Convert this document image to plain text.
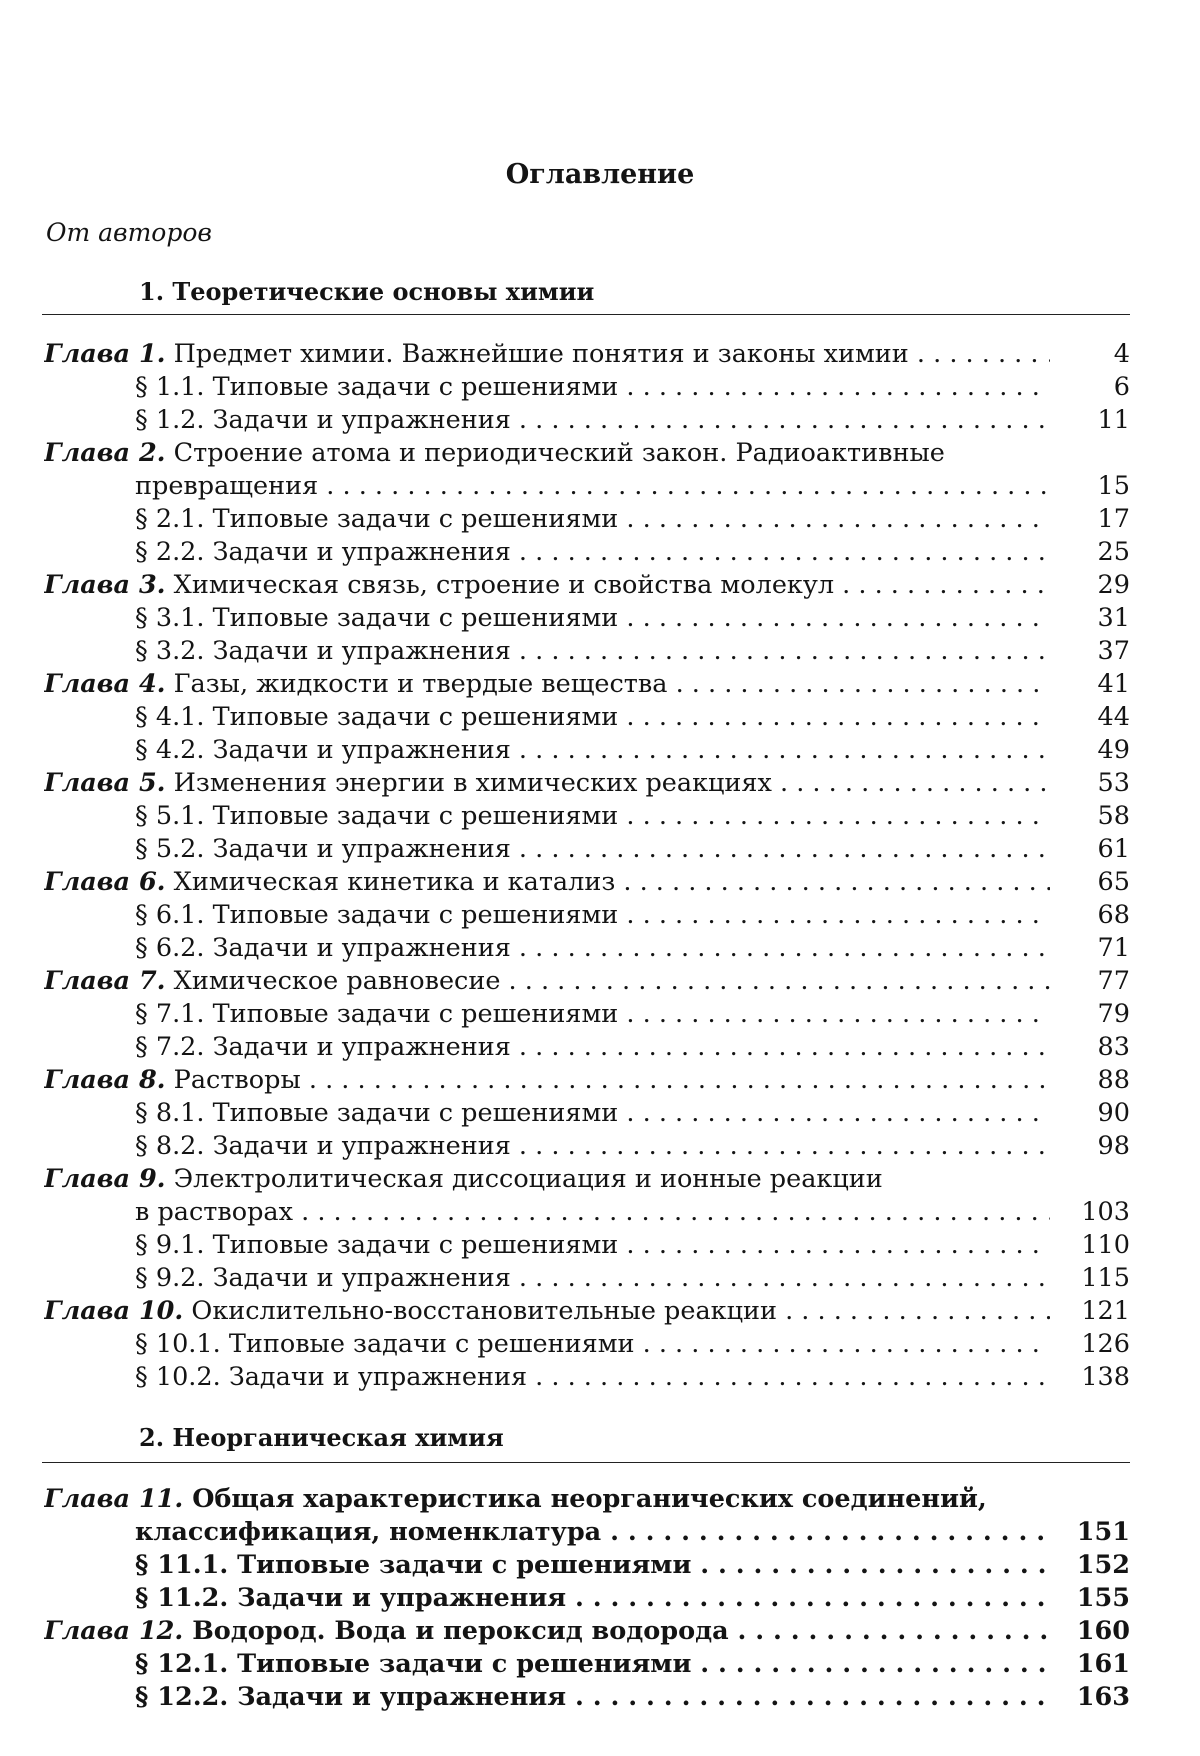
Оглавление
От авторов
1. Теоретические основы химии
Глава 1. Предмет химии. Важнейшие понятия и законы химии . . .	4
§ 1.1. Типовые задачи с решениями . . .	6
§ 1.2. Задачи и упражнения . . .	11
Глава 2. Строение атома и периодический закон. Радиоактивные
превращения . . .	15
§ 2.1. Типовые задачи с решениями . . .	17
§ 2.2. Задачи и упражнения . . .	25
Глава 3. Химическая связь, строение и свойства молекул . . .	29
§ 3.1. Типовые задачи с решениями . . .	31
§ 3.2. Задачи и упражнения . . .	37
Глава 4. Газы, жидкости и твердые вещества . . .	41
§ 4.1. Типовые задачи с решениями . . .	44
§ 4.2. Задачи и упражнения . . .	49
Глава 5. Изменения энергии в химических реакциях . . .	53
§ 5.1. Типовые задачи с решениями . . .	58
§ 5.2. Задачи и упражнения . . .	61
Глава 6. Химическая кинетика и катализ . . .	65
§ 6.1. Типовые задачи с решениями . . .	68
§ 6.2. Задачи и упражнения . . .	71
Глава 7. Химическое равновесие . . .	77
§ 7.1. Типовые задачи с решениями . . .	79
§ 7.2. Задачи и упражнения . . .	83
Глава 8. Растворы . . .	88
§ 8.1. Типовые задачи с решениями . . .	90
§ 8.2. Задачи и упражнения . . .	98
Глава 9. Электролитическая диссоциация и ионные реакции
в растворах . . .	103
§ 9.1. Типовые задачи с решениями . . .	110
§ 9.2. Задачи и упражнения . . .	115
Глава 10. Окислительно-восстановительные реакции . . .	121
§ 10.1. Типовые задачи с решениями . . .	126
§ 10.2. Задачи и упражнения . . .	138
2. Неорганическая химия
Глава 11. Общая характеристика неорганических соединений,
классификация, номенклатура . . .	151
§ 11.1. Типовые задачи с решениями . . .	152
§ 11.2. Задачи и упражнения . . .	155
Глава 12. Водород. Вода и пероксид водорода . . .	160
§ 12.1. Типовые задачи с решениями . . .	161
§ 12.2. Задачи и упражнения . . .	163
